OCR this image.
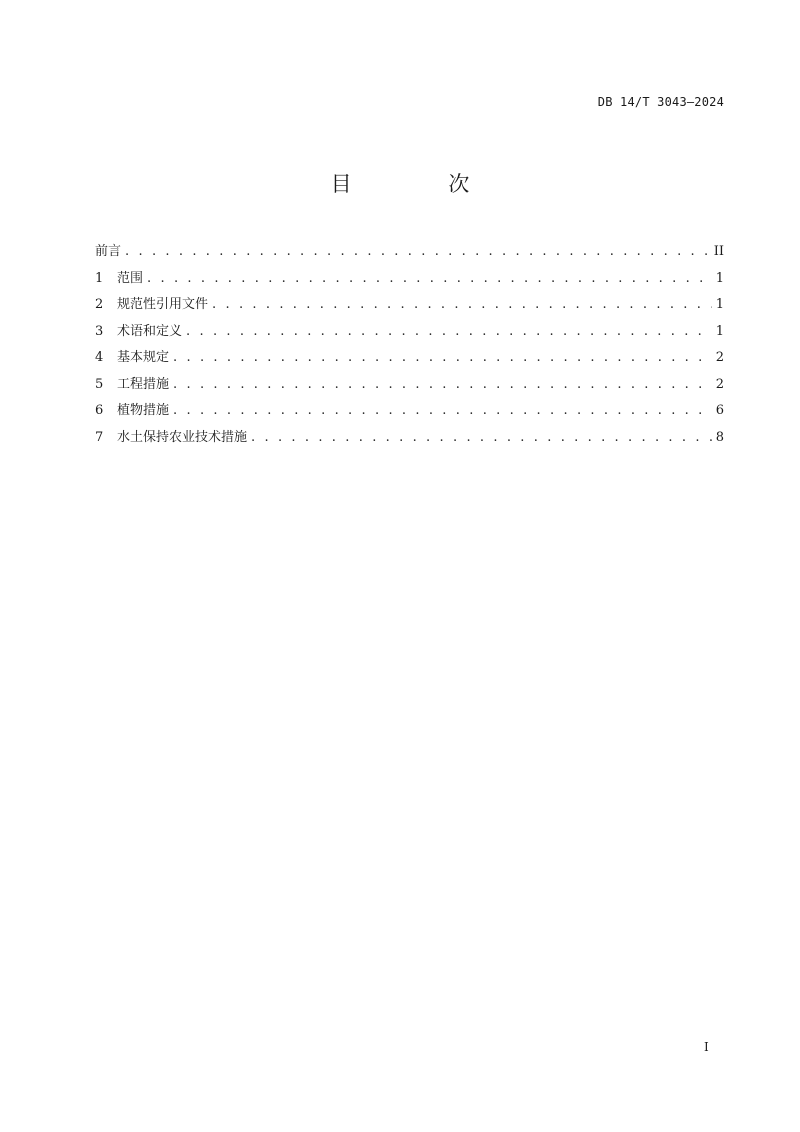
DB 14/T 3043—2024
目 次
前言 . . .	II
1	范围 . . .	1
2	规范性引用文件 . . .	1
3	术语和定义 . . .	1
4	基本规定 . . .	2
5	工程措施 . . .	2
6	植物措施 . . .	6
7	水土保持农业技术措施 . . .	8
I
